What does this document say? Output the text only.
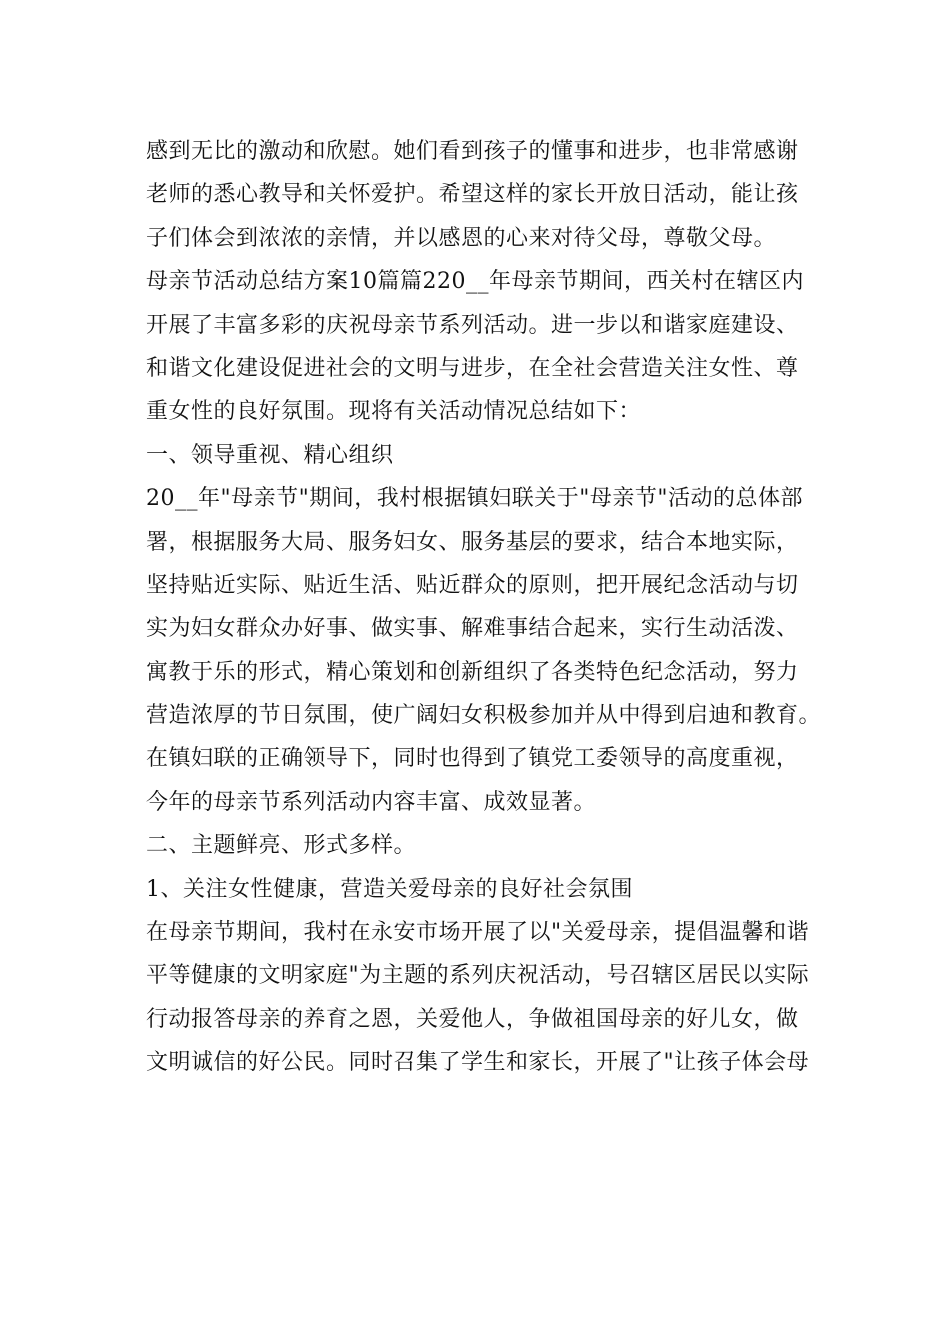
感到无比的激动和欣慰。她们看到孩子的懂事和进步，也非常感谢
老师的悉心教导和关怀爱护。希望这样的家长开放日活动，能让孩
子们体会到浓浓的亲情，并以感恩的心来对待父母，尊敬父母。
母亲节活动总结方案10篇篇220__年母亲节期间，西关村在辖区内
开展了丰富多彩的庆祝母亲节系列活动。进一步以和谐家庭建设、
和谐文化建设促进社会的文明与进步，在全社会营造关注女性、尊
重女性的良好氛围。现将有关活动情况总结如下：
一、领导重视、精心组织
20__年"母亲节"期间，我村根据镇妇联关于"母亲节"活动的总体部
署，根据服务大局、服务妇女、服务基层的要求，结合本地实际，
坚持贴近实际、贴近生活、贴近群众的原则，把开展纪念活动与切
实为妇女群众办好事、做实事、解难事结合起来，实行生动活泼、
寓教于乐的形式，精心策划和创新组织了各类特色纪念活动，努力
营造浓厚的节日氛围，使广阔妇女积极参加并从中得到启迪和教育。
在镇妇联的正确领导下，同时也得到了镇党工委领导的高度重视，
今年的母亲节系列活动内容丰富、成效显著。
二、主题鲜亮、形式多样。
1、关注女性健康，营造关爱母亲的良好社会氛围
在母亲节期间，我村在永安市场开展了以"关爱母亲，提倡温馨和谐
平等健康的文明家庭"为主题的系列庆祝活动，号召辖区居民以实际
行动报答母亲的养育之恩，关爱他人，争做祖国母亲的好儿女，做
文明诚信的好公民。同时召集了学生和家长，开展了"让孩子体会母
